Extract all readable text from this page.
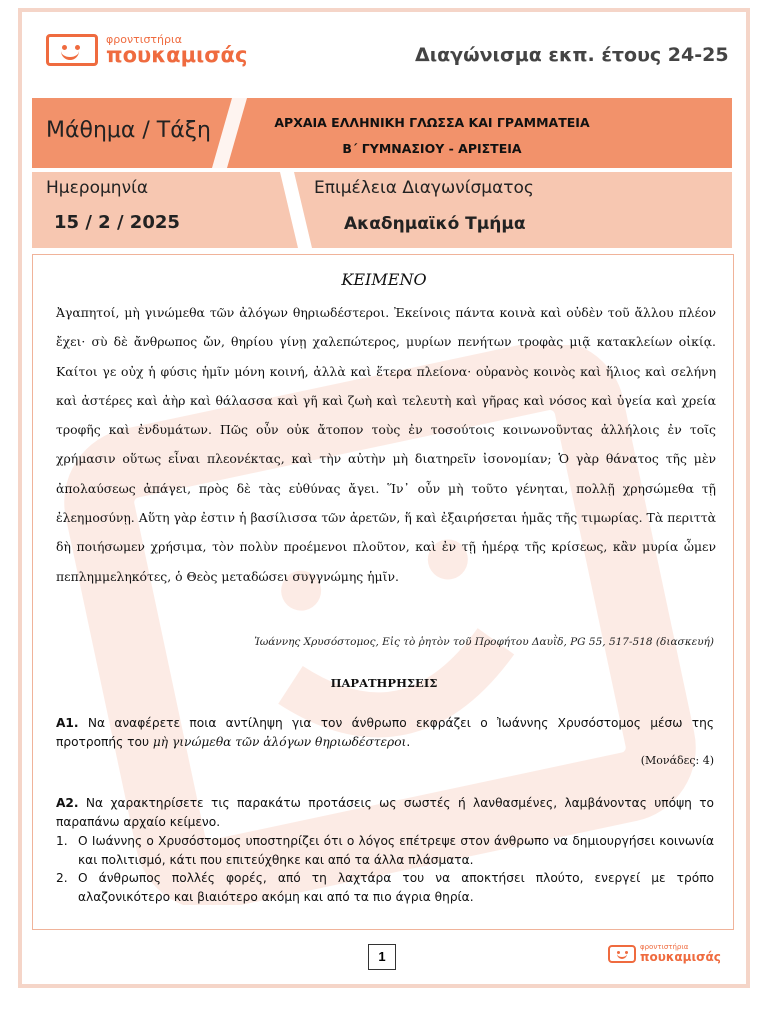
φροντιστήρια
πουκαμισάς	Διαγώνισμα εκπ. έτους 24-25
Μάθημα / Τάξη	ΑΡΧΑΙΑ ΕΛΛΗΝΙΚΗ ΓΛΩΣΣΑ ΚΑΙ ΓΡΑΜΜΑΤΕΙΑ
Β΄ ΓΥΜΝΑΣΙΟΥ - ΑΡΙΣΤΕΙΑ
Ημερομηνία
15 / 2 / 2025
Επιμέλεια Διαγωνίσματος
Ακαδημαϊκό Τμήμα
ΚΕΙΜΕΝΟ
Ἀγαπητοί, μὴ γινώμεθα τῶν ἀλόγων θηριωδέστεροι. Ἐκείνοις πάντα κοινὰ καὶ οὐδὲν τοῦ ἄλλου πλέον ἔχει· σὺ δὲ ἄνθρωπος ὤν, θηρίου γίνῃ χαλεπώτερος, μυρίων πενήτων τροφὰς μιᾷ κατακλείων οἰκίᾳ. Καίτοι γε οὐχ ἡ φύσις ἡμῖν μόνη κοινή, ἀλλὰ καὶ ἕτερα πλείονα· οὐρανὸς κοινὸς καὶ ἥλιος καὶ σελήνη καὶ ἀστέρες καὶ ἀὴρ καὶ θάλασσα καὶ γῆ καὶ ζωὴ καὶ τελευτὴ καὶ γῆρας καὶ νόσος καὶ ὑγεία καὶ χρεία τροφῆς καὶ ἐνδυμάτων. Πῶς οὖν οὐκ ἄτοπον τοὺς ἐν τοσούτοις κοινωνοῦντας ἀλλήλοις ἐν τοῖς χρήμασιν οὕτως εἶναι πλεονέκτας, καὶ τὴν αὐτὴν μὴ διατηρεῖν ἰσονομίαν; Ὁ γὰρ θάνατος τῆς μὲν ἀπολαύσεως ἀπάγει, πρὸς δὲ τὰς εὐθύνας ἄγει. Ἵν᾽ οὖν μὴ τοῦτο γένηται, πολλῇ χρησώμεθα τῇ ἐλεημοσύνῃ. Αὕτη γὰρ ἐστιν ἡ βασίλισσα τῶν ἀρετῶν, ἥ καὶ ἐξαιρήσεται ἡμᾶς τῆς τιμωρίας. Τὰ περιττὰ δὴ ποιήσωμεν χρήσιμα, τὸν πολὺν προέμενοι πλοῦτον, καὶ ἐν τῇ ἡμέρᾳ τῆς κρίσεως, κἂν μυρία ὦμεν πεπλημμεληκότες, ὁ Θεὸς μεταδώσει συγγνώμης ἡμῖν.
Ἰωάννης Χρυσόστομος, Εἰς τὸ ῥητὸν τοῦ Προφήτου Δαυῒδ, PG 55, 517-518 (διασκευή)
ΠΑΡΑΤΗΡΗΣΕΙΣ
Α1. Να αναφέρετε ποια αντίληψη για τον άνθρωπο εκφράζει ο Ἰωάννης Χρυσόστομος μέσω της προτροπής του μὴ γινώμεθα τῶν ἀλόγων θηριωδέστεροι.
(Μονάδες: 4)
Α2. Να χαρακτηρίσετε τις παρακάτω προτάσεις ως σωστές ή λανθασμένες, λαμβάνοντας υπόψη το παραπάνω αρχαίο κείμενο.
1. Ο Ιωάννης ο Χρυσόστομος υποστηρίζει ότι ο λόγος επέτρεψε στον άνθρωπο να δημιουργήσει κοινωνία και πολιτισμό, κάτι που επιτεύχθηκε και από τα άλλα πλάσματα.
2. Ο άνθρωπος πολλές φορές, από τη λαχτάρα του να αποκτήσει πλούτο, ενεργεί με τρόπο αλαζονικότερο και βιαιότερο ακόμη και από τα πιο άγρια θηρία.
1
φροντιστήρια
πουκαμισάς
